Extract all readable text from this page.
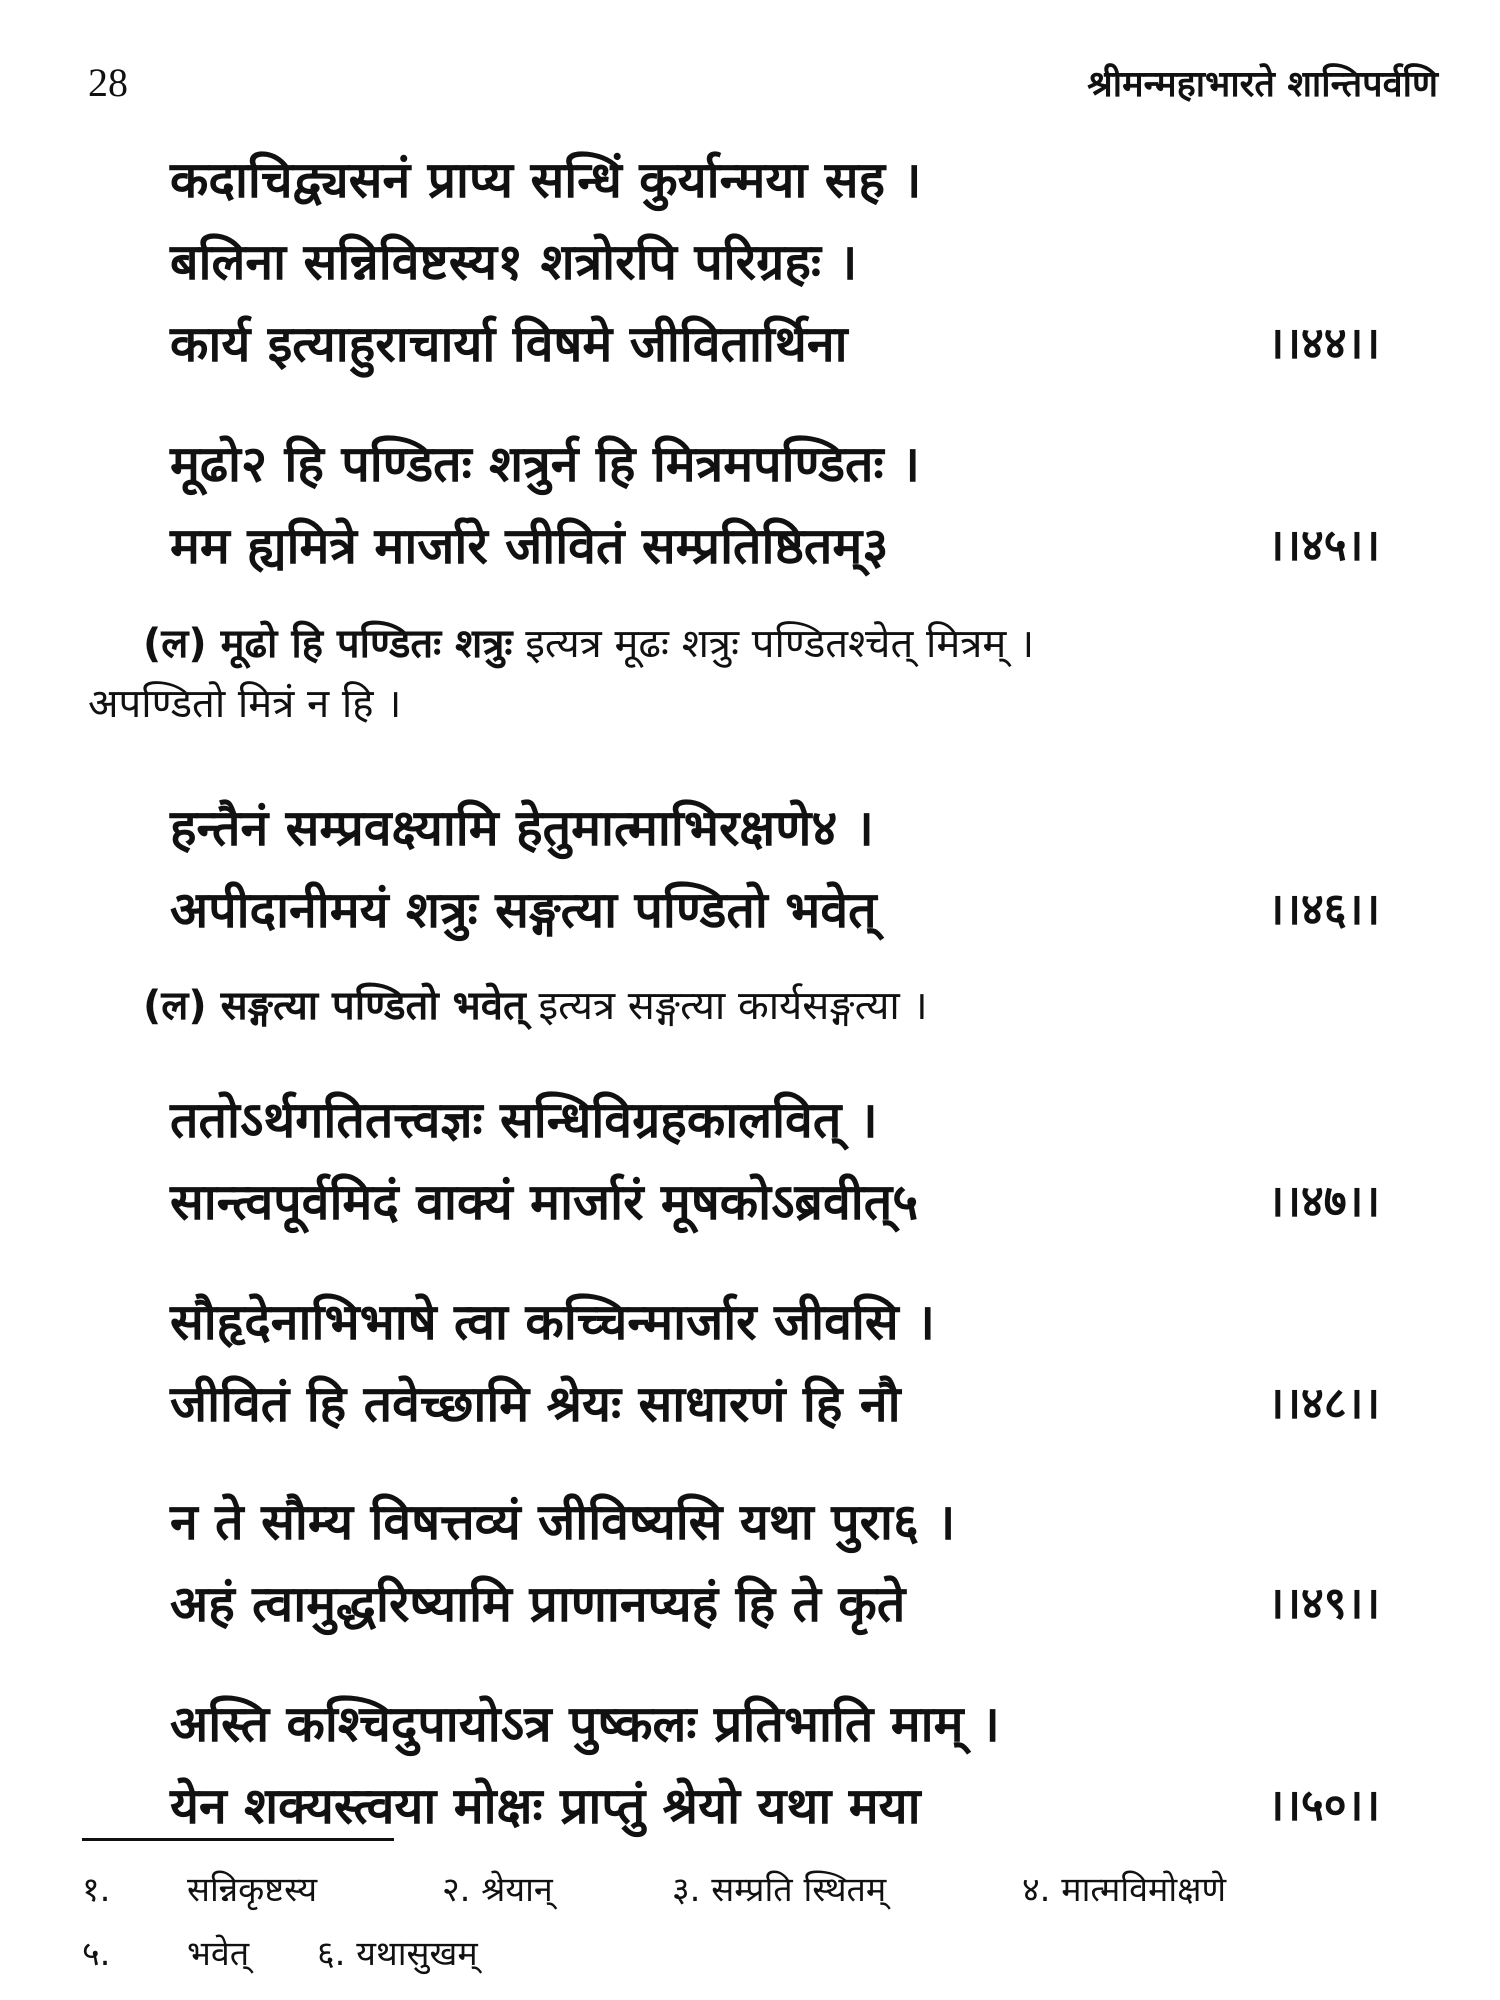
28	श्रीमन्महाभारते शान्तिपर्वणि
कदाचिद्व्यसनं प्राप्य सन्धिं कुर्यान्मया सह ।
बलिना सन्निविष्टस्य१ शत्रोरपि परिग्रहः ।
कार्य इत्याहुराचार्या विषमे जीवितार्थिना	।।४४।।
मूढो२ हि पण्डितः शत्रुर्न हि मित्रमपण्डितः ।
मम ह्यमित्रे मार्जारे जीवितं सम्प्रतिष्ठितम्३	।।४५।।
(ल) मूढो हि पण्डितः शत्रुः इत्यत्र मूढः शत्रुः पण्डितश्चेत् मित्रम् ।
अपण्डितो मित्रं न हि ।
हन्तैनं सम्प्रवक्ष्यामि हेतुमात्माभिरक्षणे४ ।
अपीदानीमयं शत्रुः सङ्गत्या पण्डितो भवेत्	।।४६।।
(ल) सङ्गत्या पण्डितो भवेत् इत्यत्र सङ्गत्या कार्यसङ्गत्या ।
ततोऽर्थगतितत्त्वज्ञः सन्धिविग्रहकालवित् ।
सान्त्वपूर्वमिदं वाक्यं मार्जारं मूषकोऽब्रवीत्५	।।४७।।
सौहृदेनाभिभाषे त्वा कच्चिन्मार्जार जीवसि ।
जीवितं हि तवेच्छामि श्रेयः साधारणं हि नौ	।।४८।।
न ते सौम्य विषत्तव्यं जीविष्यसि यथा पुरा६ ।
अहं त्वामुद्धरिष्यामि प्राणानप्यहं हि ते कृते	।।४९।।
अस्ति कश्चिदुपायोऽत्र पुष्कलः प्रतिभाति माम् ।
येन शक्यस्त्वया मोक्षः प्राप्तुं श्रेयो यथा मया	।।५०।।
१. सन्निकृष्टस्य	२. श्रेयान्	३. सम्प्रति स्थितम्	४. मात्मविमोक्षणे
५. भवेत् ६. यथासुखम्
